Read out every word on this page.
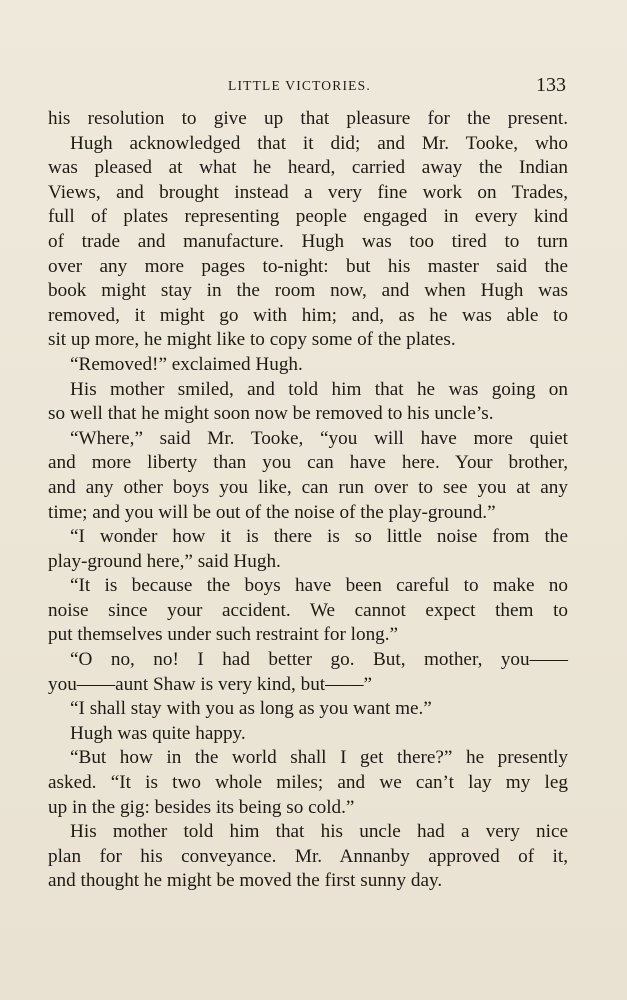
LITTLE VICTORIES.	133
his resolution to give up that pleasure for the present.
Hugh acknowledged that it did; and Mr. Tooke, who
was pleased at what he heard, carried away the Indian
Views, and brought instead a very fine work on Trades,
full of plates representing people engaged in every kind
of trade and manufacture. Hugh was too tired to turn
over any more pages to-night: but his master said the
book might stay in the room now, and when Hugh was
removed, it might go with him; and, as he was able to
sit up more, he might like to copy some of the plates.
“Removed!” exclaimed Hugh.
His mother smiled, and told him that he was going on
so well that he might soon now be removed to his uncle’s.
“Where,” said Mr. Tooke, “you will have more quiet
and more liberty than you can have here. Your brother,
and any other boys you like, can run over to see you at any
time; and you will be out of the noise of the play-ground.”
“I wonder how it is there is so little noise from the
play-ground here,” said Hugh.
“It is because the boys have been careful to make no
noise since your accident. We cannot expect them to
put themselves under such restraint for long.”
“O no, no! I had better go. But, mother, you——
you——aunt Shaw is very kind, but——”
“I shall stay with you as long as you want me.”
Hugh was quite happy.
“But how in the world shall I get there?” he presently
asked. “It is two whole miles; and we can’t lay my leg
up in the gig: besides its being so cold.”
His mother told him that his uncle had a very nice
plan for his conveyance. Mr. Annanby approved of it,
and thought he might be moved the first sunny day.
